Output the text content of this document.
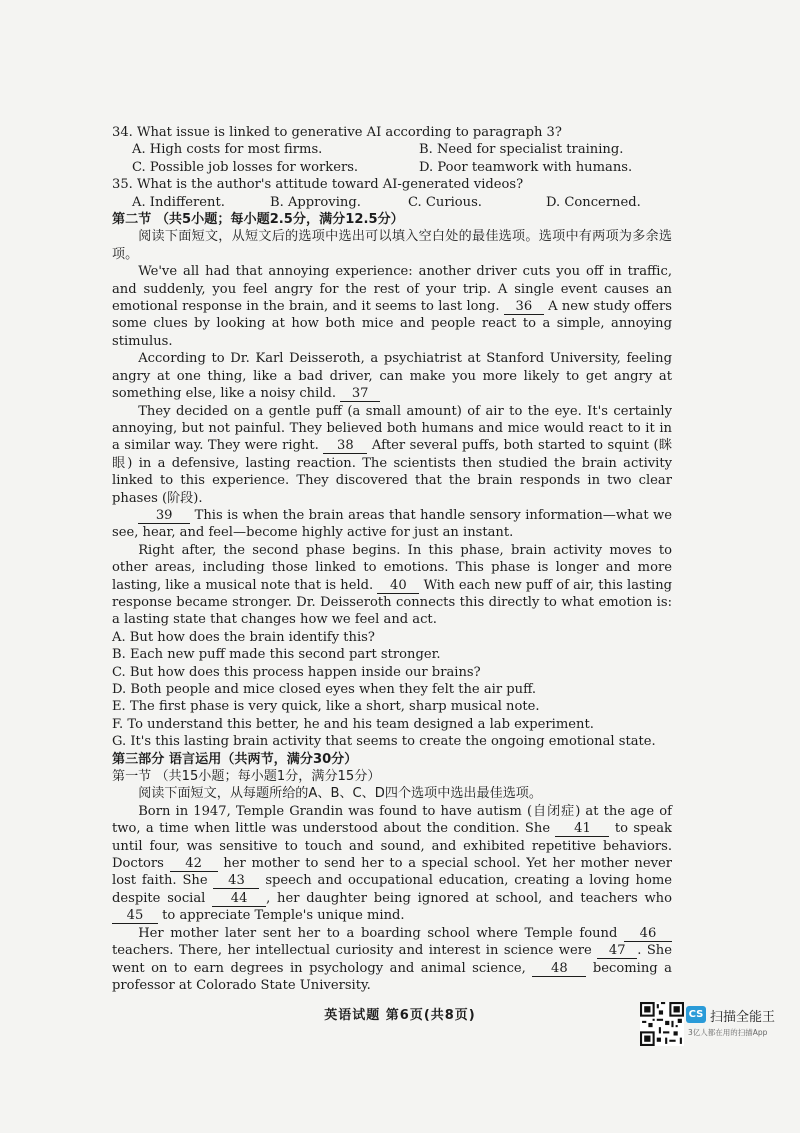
34. What issue is linked to generative AI according to paragraph 3?
A. High costs for most firms.	B. Need for specialist training.
C. Possible job losses for workers.	D. Poor teamwork with humans.
35. What is the author's attitude toward AI-generated videos?
A. Indifferent.	B. Approving.	C. Curious.	D. Concerned.
第二节 （共5小题；每小题2.5分，满分12.5分）
阅读下面短文，从短文后的选项中选出可以填入空白处的最佳选项。选项中有两项为多余选项。
We've all had that annoying experience: another driver cuts you off in traffic, and suddenly, you feel angry for the rest of your trip. A single event causes an emotional response in the brain, and it seems to last long. 36 A new study offers some clues by looking at how both mice and people react to a simple, annoying stimulus.
According to Dr. Karl Deisseroth, a psychiatrist at Stanford University, feeling angry at one thing, like a bad driver, can make you more likely to get angry at something else, like a noisy child. 37
They decided on a gentle puff (a small amount) of air to the eye. It's certainly annoying, but not painful. They believed both humans and mice would react to it in a similar way. They were right. 38 After several puffs, both started to squint (眯眼) in a defensive, lasting reaction. The scientists then studied the brain activity linked to this experience. They discovered that the brain responds in two clear phases (阶段).
39 This is when the brain areas that handle sensory information—what we see, hear, and feel—become highly active for just an instant.
Right after, the second phase begins. In this phase, brain activity moves to other areas, including those linked to emotions. This phase is longer and more lasting, like a musical note that is held. 40 With each new puff of air, this lasting response became stronger. Dr. Deisseroth connects this directly to what emotion is: a lasting state that changes how we feel and act.
A. But how does the brain identify this?
B. Each new puff made this second part stronger.
C. But how does this process happen inside our brains?
D. Both people and mice closed eyes when they felt the air puff.
E. The first phase is very quick, like a short, sharp musical note.
F. To understand this better, he and his team designed a lab experiment.
G. It's this lasting brain activity that seems to create the ongoing emotional state.
第三部分 语言运用（共两节，满分30分）
第一节 （共15小题；每小题1分，满分15分）
阅读下面短文，从每题所给的A、B、C、D四个选项中选出最佳选项。
Born in 1947, Temple Grandin was found to have autism (自闭症) at the age of two, a time when little was understood about the condition. She 41 to speak until four, was sensitive to touch and sound, and exhibited repetitive behaviors. Doctors 42 her mother to send her to a special school. Yet her mother never lost faith. She 43 speech and occupational education, creating a loving home despite social 44 , her daughter being ignored at school, and teachers who 45 to appreciate Temple's unique mind.
Her mother later sent her to a boarding school where Temple found 46 teachers. There, her intellectual curiosity and interest in science were 47 . She went on to earn degrees in psychology and animal science, 48 becoming a professor at Colorado State University.
英语试题 第6页(共8页)	CS 扫描全能王
3亿人都在用的扫描App
